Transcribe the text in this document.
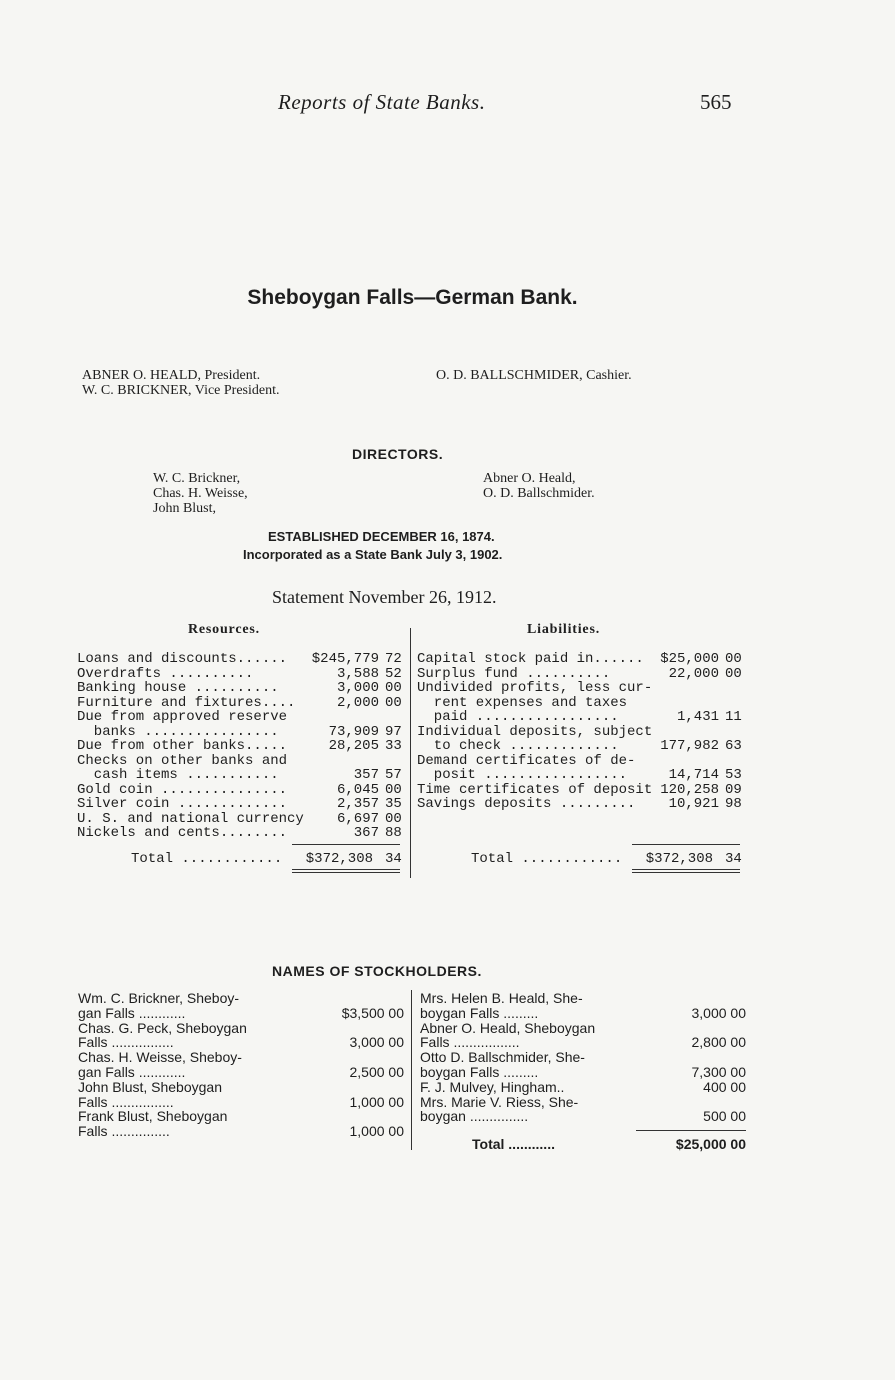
Reports of State Banks.	565
Sheboygan Falls—German Bank.
ABNER O. HEALD, President.
W. C. BRICKNER, Vice President.
O. D. BALLSCHMIDER, Cashier.
DIRECTORS.
W. C. Brickner,
Chas. H. Weisse,
John Blust,
Abner O. Heald,
O. D. Ballschmider.
ESTABLISHED DECEMBER 16, 1874.
Incorporated as a State Bank July 3, 1902.
Statement November 26, 1912.
Resources.	Liabilities.
Loans and discounts...... $245,779 72
Overdrafts ..........	3,588 52
Banking house ..........	3,000 00
Furniture and fixtures....	2,000 00
Due from approved reserve
banks ................	73,909 97
Due from other banks.....	28,205 33
Checks on other banks and
cash items ...........	357 57
Gold coin ...............	6,045 00
Silver coin .............	2,357 35
U. S. and national currency 6,697 00
Nickels and cents........	367 88
Capital stock paid in...... $25,000 00
Surplus fund ..........	22,000 00
Undivided profits, less cur-
rent expenses and taxes
paid .................	1,431 11
Individual deposits, subject
to check .............	177,982 63
Demand certificates of de-
posit .................	14,714 53
Time certificates of deposit 120,258 09
Savings deposits ......... 10,921 98
Total ............ $372,308 34	Total ............ $372,308 34
NAMES OF STOCKHOLDERS.
Wm. C. Brickner, Sheboy-
gan Falls ............	$3,500 00
Chas. G. Peck, Sheboygan
Falls ................	3,000 00
Chas. H. Weisse, Sheboy-
gan Falls ............	2,500 00
John Blust, Sheboygan
Falls ................	1,000 00
Frank Blust, Sheboygan
Falls ...............	1,000 00
Mrs. Helen B. Heald, She-
boygan Falls .........	3,000 00
Abner O. Heald, Sheboygan
Falls .................	2,800 00
Otto D. Ballschmider, She-
boygan Falls .........	7,300 00
F. J. Mulvey, Hingham..	400 00
Mrs. Marie V. Riess, She-
boygan ...............	500 00
Total ............	$25,000 00
